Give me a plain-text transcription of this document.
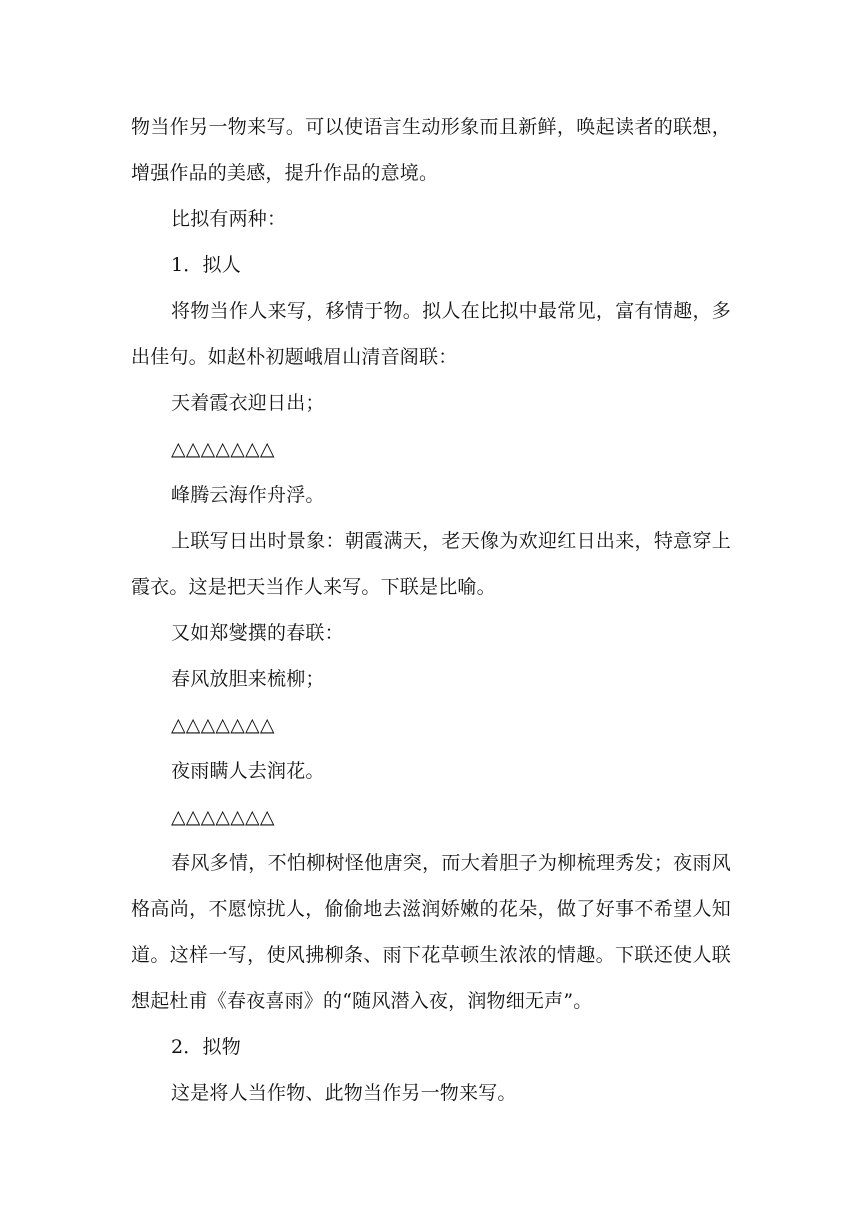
物当作另一物来写。可以使语言生动形象而且新鲜，唤起读者的联想，增强作品的美感，提升作品的意境。

比拟有两种：

1．拟人

将物当作人来写，移情于物。拟人在比拟中最常见，富有情趣，多出佳句。如赵朴初题峨眉山清音阁联：

天着霞衣迎日出；

△△△△△△△

峰腾云海作舟浮。

上联写日出时景象：朝霞满天，老天像为欢迎红日出来，特意穿上霞衣。这是把天当作人来写。下联是比喻。

又如郑燮撰的春联：

春风放胆来梳柳；

△△△△△△△

夜雨瞒人去润花。

△△△△△△△

春风多情，不怕柳树怪他唐突，而大着胆子为柳梳理秀发；夜雨风格高尚，不愿惊扰人，偷偷地去滋润娇嫩的花朵，做了好事不希望人知道。这样一写，使风拂柳条、雨下花草顿生浓浓的情趣。下联还使人联想起杜甫《春夜喜雨》的“随风潜入夜，润物细无声”。

2．拟物

这是将人当作物、此物当作另一物来写。
